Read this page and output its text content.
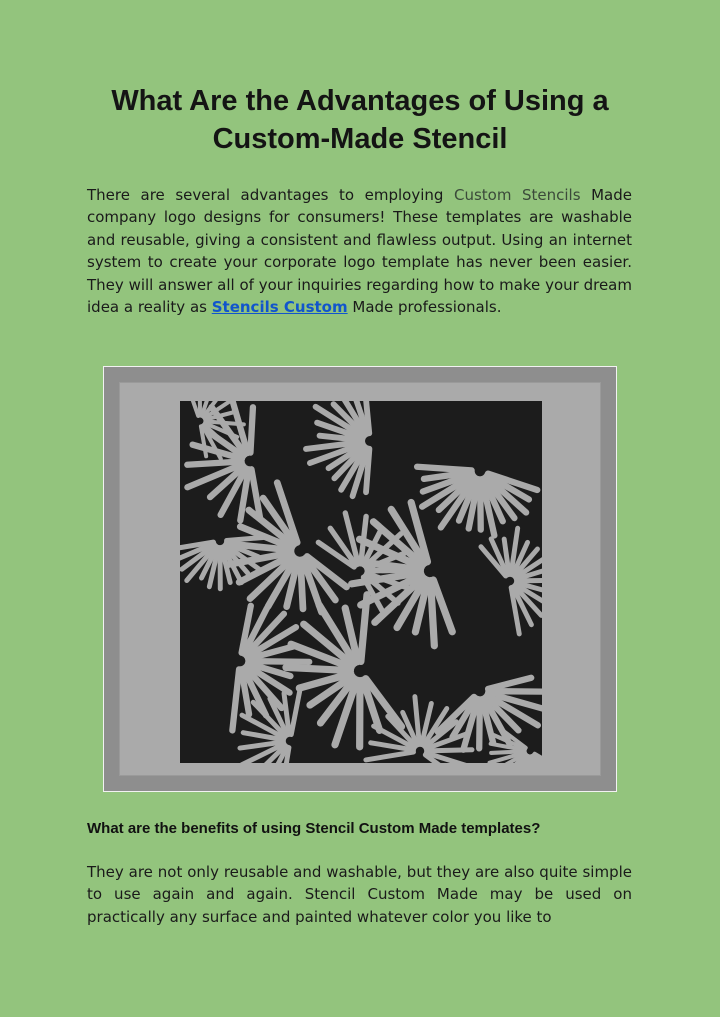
What Are the Advantages of Using a Custom-Made Stencil
There are several advantages to employing Custom Stencils Made company logo designs for consumers! These templates are washable and reusable, giving a consistent and flawless output. Using an internet system to create your corporate logo template has never been easier. They will answer all of your inquiries regarding how to make your dream idea a reality as Stencils Custom Made professionals.
What are the benefits of using Stencil Custom Made templates?
They are not only reusable and washable, but they are also quite simple to use again and again. Stencil Custom Made may be used on practically any surface and painted whatever color you like to
